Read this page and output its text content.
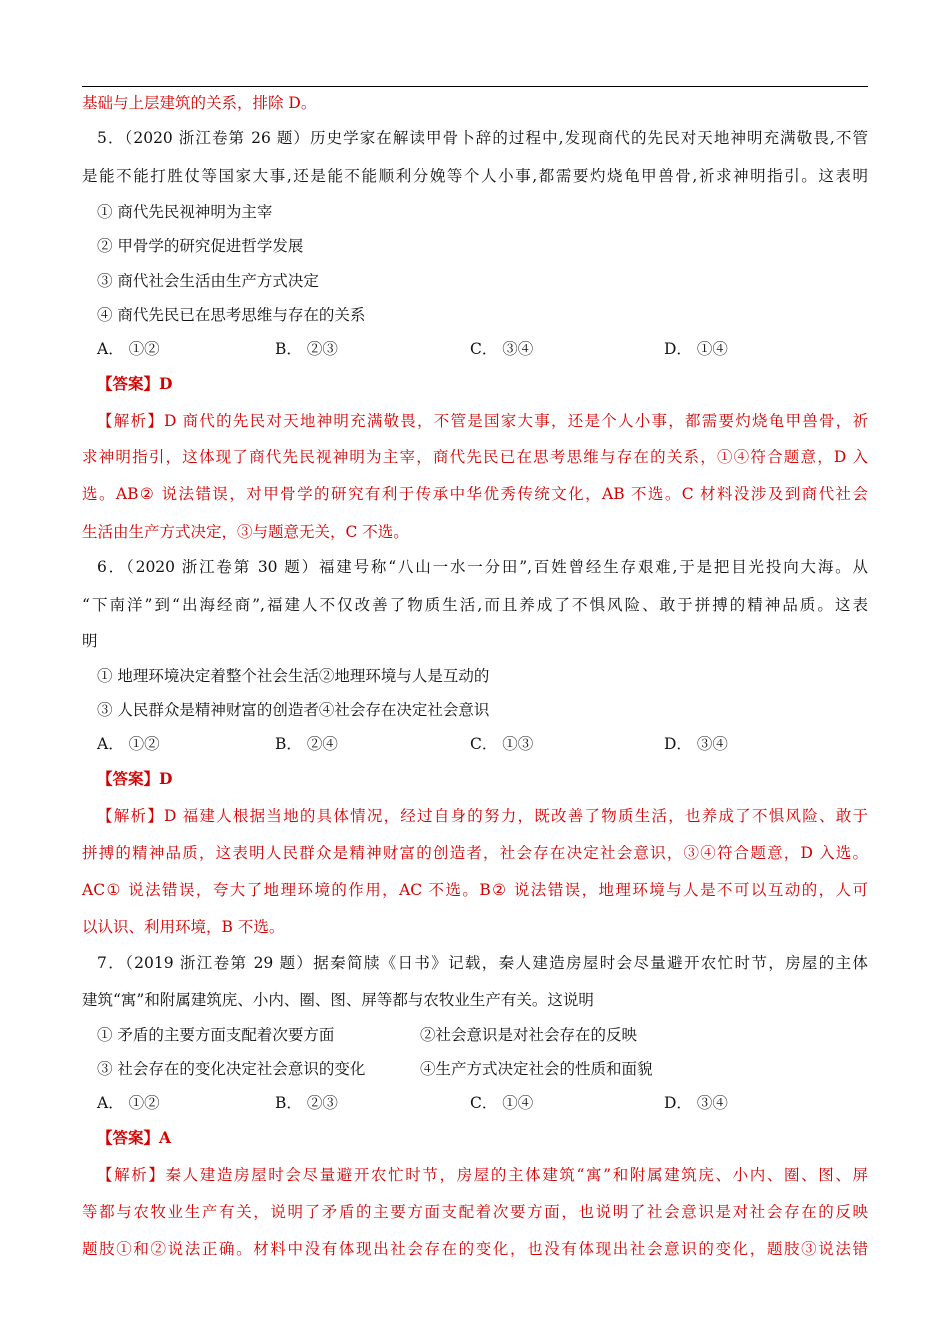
基础与上层建筑的关系，排除 D。
5．（2020 浙江卷第 26 题）历史学家在解读甲骨卜辞的过程中,发现商代的先民对天地神明充满敬畏,不管
是能不能打胜仗等国家大事,还是能不能顺利分娩等个人小事,都需要灼烧龟甲兽骨,祈求神明指引。这表明
① 商代先民视神明为主宰
② 甲骨学的研究促进哲学发展
③ 商代社会生活由生产方式决定
④ 商代先民已在思考思维与存在的关系
A． ①②	B． ②③	C． ③④	D． ①④
【答案】D
【解析】D 商代的先民对天地神明充满敬畏，不管是国家大事，还是个人小事，都需要灼烧龟甲兽骨，祈
求神明指引，这体现了商代先民视神明为主宰，商代先民已在思考思维与存在的关系，①④符合题意，D 入
选。AB② 说法错误，对甲骨学的研究有利于传承中华优秀传统文化，AB 不选。C 材料没涉及到商代社会
生活由生产方式决定，③与题意无关，C 不选。
6．（2020 浙江卷第 30 题）福建号称“八山一水一分田”,百姓曾经生存艰难,于是把目光投向大海。从
“下南洋”到“出海经商”,福建人不仅改善了物质生活,而且养成了不惧风险、敢于拼搏的精神品质。这表
明
① 地理环境决定着整个社会生活②地理环境与人是互动的
③ 人民群众是精神财富的创造者④社会存在决定社会意识
A． ①②	B． ②④	C． ①③	D． ③④
【答案】D
【解析】D 福建人根据当地的具体情况，经过自身的努力，既改善了物质生活，也养成了不惧风险、敢于
拼搏的精神品质，这表明人民群众是精神财富的创造者，社会存在决定社会意识，③④符合题意，D 入选。
AC① 说法错误，夸大了地理环境的作用，AC 不选。B② 说法错误，地理环境与人是不可以互动的，人可
以认识、利用环境，B 不选。
7．（2019 浙江卷第 29 题）据秦简牍《日书》记载，秦人建造房屋时会尽量避开农忙时节，房屋的主体
建筑“寓”和附属建筑庑、小内、圈、图、屏等都与农牧业生产有关。这说明
① 矛盾的主要方面支配着次要方面	②社会意识是对社会存在的反映
③ 社会存在的变化决定社会意识的变化	④生产方式决定社会的性质和面貌
A． ①②	B． ②③	C． ①④	D． ③④
【答案】A
【解析】秦人建造房屋时会尽量避开农忙时节，房屋的主体建筑“寓”和附属建筑庑、小内、圈、图、屏
等都与农牧业生产有关，说明了矛盾的主要方面支配着次要方面，也说明了社会意识是对社会存在的反映
题肢①和②说法正确。材料中没有体现出社会存在的变化，也没有体现出社会意识的变化，题肢③说法错
